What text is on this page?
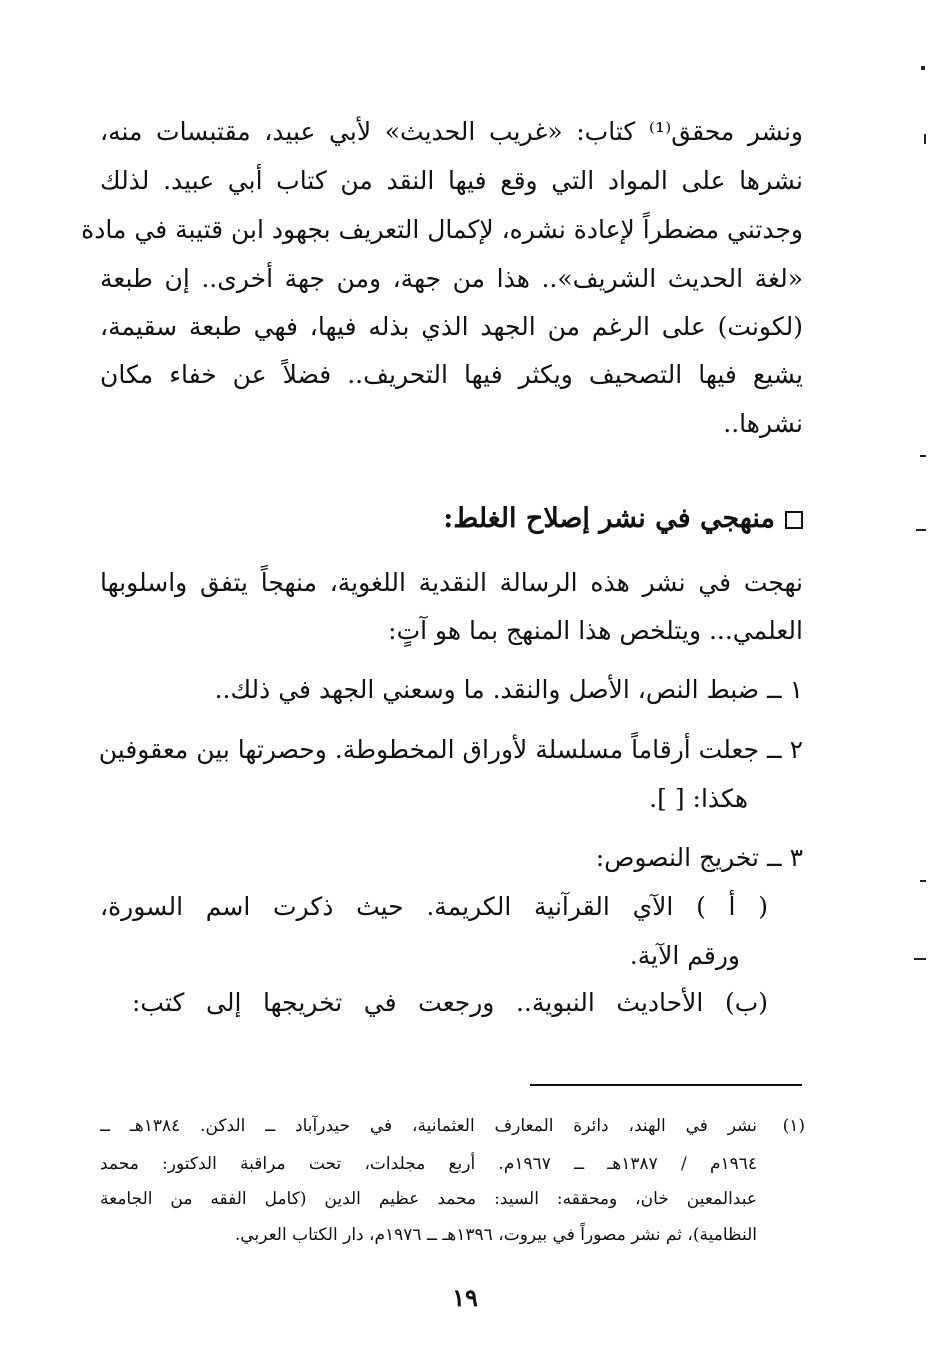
ونشر محقق⁽¹⁾ كتاب: «غريب الحديث» لأبي عبيد، مقتبسات منه،
نشرها على المواد التي وقع فيها النقد من كتاب أبي عبيد. لذلك
وجدتني مضطراً لإعادة نشره، لإكمال التعريف بجهود ابن قتيبة في مادة
«لغة الحديث الشريف».. هذا من جهة، ومن جهة أخرى.. إن طبعة
(لكونت) على الرغم من الجهد الذي بذله فيها، فهي طبعة سقيمة،
يشيع فيها التصحيف ويكثر فيها التحريف.. فضلاً عن خفاء مكان
نشرها..
منهجي في نشر إصلاح الغلط:
نهجت في نشر هذه الرسالة النقدية اللغوية، منهجاً يتفق واسلوبها
العلمي... ويتلخص هذا المنهج بما هو آتٍ:
١ ــ ضبط النص، الأصل والنقد. ما وسعني الجهد في ذلك..
٢ ــ جعلت أرقاماً مسلسلة لأوراق المخطوطة. وحصرتها بين معقوفين
هكذا: [ ].
٣ ــ تخريج النصوص:
( أ ) الآي القرآنية الكريمة. حيث ذكرت اسم السورة،
ورقم الآية.
(ب) الأحاديث النبوية.. ورجعت في تخريجها إلى كتب:
(١)
نشر في الهند، دائرة المعارف العثمانية، في حيدرآباد ــ الدكن. ١٣٨٤هـ ــ
١٩٦٤م / ١٣٨٧هـ ــ ١٩٦٧م. أربع مجلدات، تحت مراقبة الدكتور: محمد
عبدالمعين خان، ومحققه: السيد: محمد عظيم الدين (كامل الفقه من الجامعة
النظامية)، ثم نشر مصوراً في بيروت، ١٣٩٦هـ ــ ١٩٧٦م، دار الكتاب العربي.
١٩
